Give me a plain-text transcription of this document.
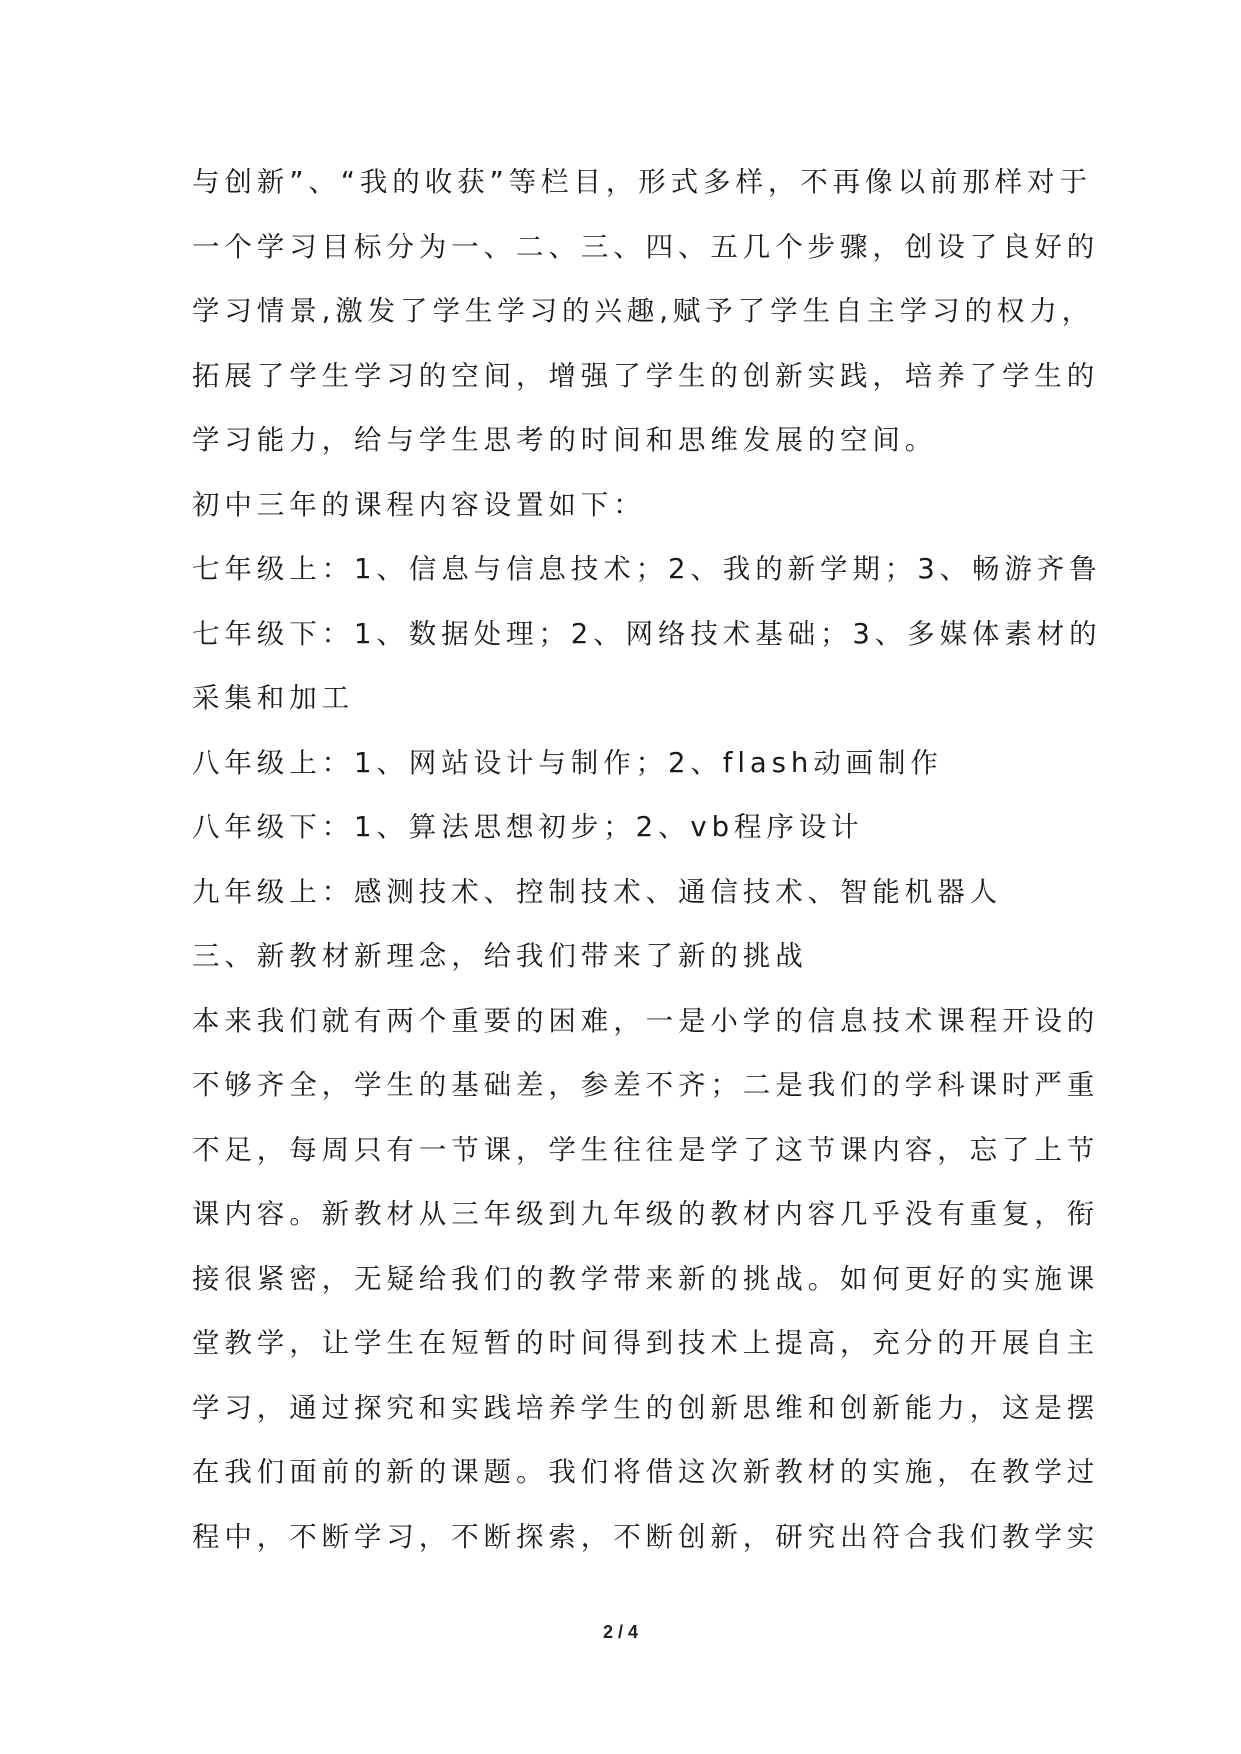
与创新”、“我的收获”等栏目，形式多样，不再像以前那样对于
一个学习目标分为一、二、三、四、五几个步骤，创设了良好的
学习情景,激发了学生学习的兴趣,赋予了学生自主学习的权力，
拓展了学生学习的空间，增强了学生的创新实践，培养了学生的
学习能力，给与学生思考的时间和思维发展的空间。
初中三年的课程内容设置如下：
七年级上：1、信息与信息技术；2、我的新学期；3、畅游齐鲁
七年级下：1、数据处理；2、网络技术基础；3、多媒体素材的
采集和加工
八年级上：1、网站设计与制作；2、flash动画制作
八年级下：1、算法思想初步；2、vb程序设计
九年级上：感测技术、控制技术、通信技术、智能机器人
三、新教材新理念，给我们带来了新的挑战
本来我们就有两个重要的困难，一是小学的信息技术课程开设的
不够齐全，学生的基础差，参差不齐；二是我们的学科课时严重
不足，每周只有一节课，学生往往是学了这节课内容，忘了上节
课内容。新教材从三年级到九年级的教材内容几乎没有重复，衔
接很紧密，无疑给我们的教学带来新的挑战。如何更好的实施课
堂教学，让学生在短暂的时间得到技术上提高，充分的开展自主
学习，通过探究和实践培养学生的创新思维和创新能力，这是摆
在我们面前的新的课题。我们将借这次新教材的实施，在教学过
程中，不断学习，不断探索，不断创新，研究出符合我们教学实
2 / 4
